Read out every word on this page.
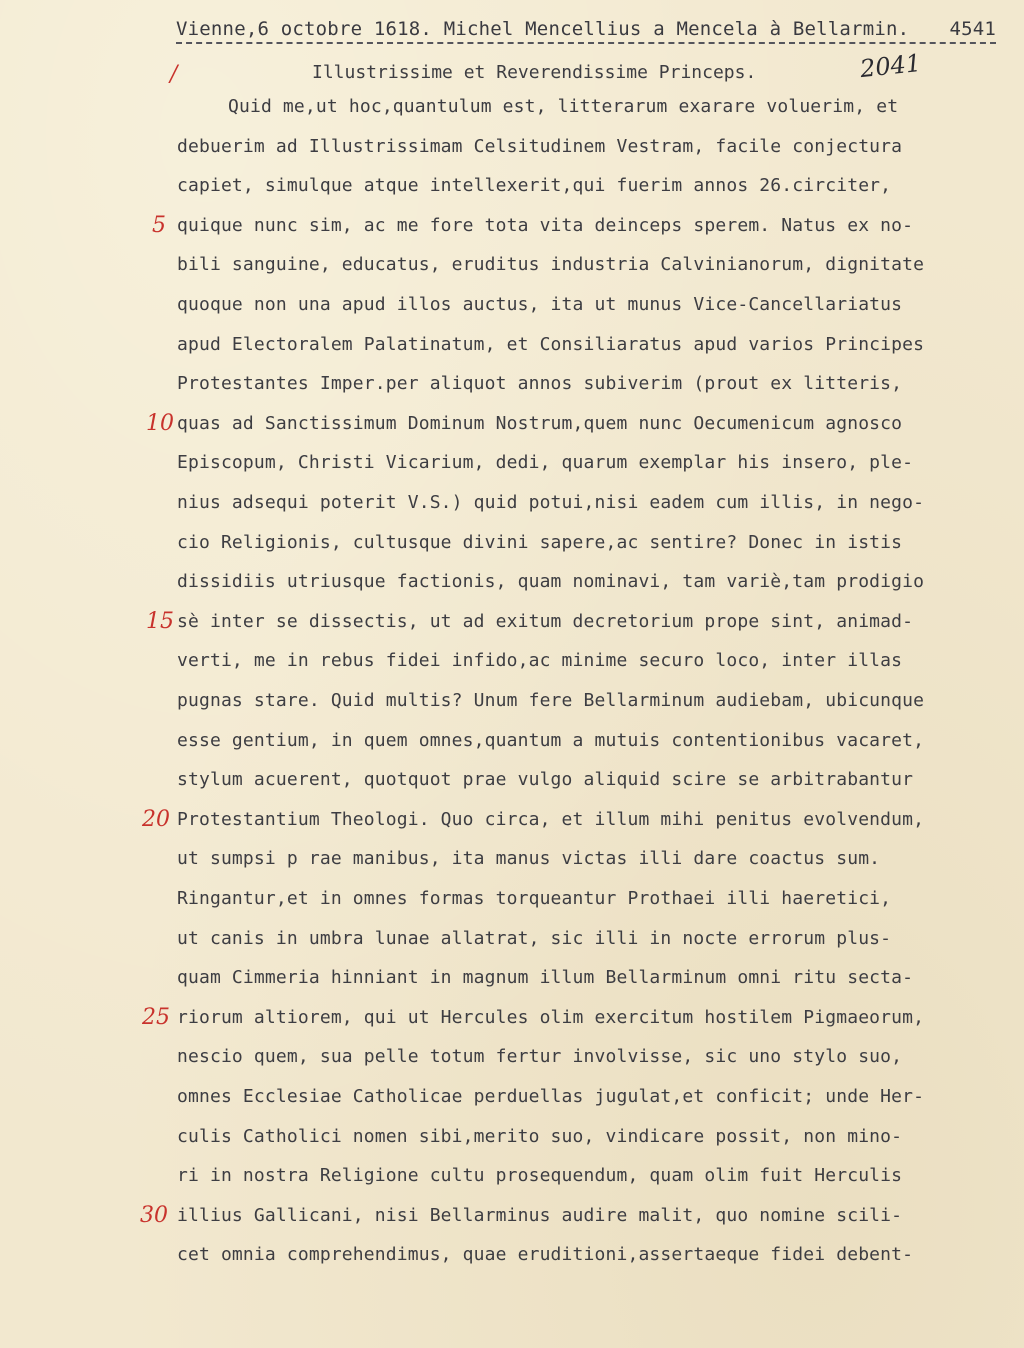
Vienne,6 octobre 1618. Michel Mencellius a Mencela à Bellarmin. 4541
/	Illustrissime et Reverendissime Princeps.	2041
Quid me,ut hoc,quantulum est, litterarum exarare voluerim, et
debuerim ad Illustrissimam Celsitudinem Vestram, facile conjectura
capiet, simulque atque intellexerit,qui fuerim annos 26.circiter,
quique nunc sim, ac me fore tota vita deinceps sperem. Natus ex no-
bili sanguine, educatus, eruditus industria Calvinianorum, dignitate
quoque non una apud illos auctus, ita ut munus Vice-Cancellariatus
apud Electoralem Palatinatum, et Consiliaratus apud varios Principes
Protestantes Imper.per aliquot annos subiverim (prout ex litteris,
quas ad Sanctissimum Dominum Nostrum,quem nunc Oecumenicum agnosco
Episcopum, Christi Vicarium, dedi, quarum exemplar his insero, ple-
nius adsequi poterit V.S.) quid potui,nisi eadem cum illis, in nego-
cio Religionis, cultusque divini sapere,ac sentire? Donec in istis
dissidiis utriusque factionis, quam nominavi, tam variè,tam prodigio
sè inter se dissectis, ut ad exitum decretorium prope sint, animad-
verti, me in rebus fidei infido,ac minime securo loco, inter illas
pugnas stare. Quid multis? Unum fere Bellarminum audiebam, ubicunque
esse gentium, in quem omnes,quantum a mutuis contentionibus vacaret,
stylum acuerent, quotquot prae vulgo aliquid scire se arbitrabantur
Protestantium Theologi. Quo circa, et illum mihi penitus evolvendum,
ut sumpsi p rae manibus, ita manus victas illi dare coactus sum.
Ringantur,et in omnes formas torqueantur Prothaei illi haeretici,
ut canis in umbra lunae allatrat, sic illi in nocte errorum plus-
quam Cimmeria hinniant in magnum illum Bellarminum omni ritu secta-
riorum altiorem, qui ut Hercules olim exercitum hostilem Pigmaeorum,
nescio quem, sua pelle totum fertur involvisse, sic uno stylo suo,
omnes Ecclesiae Catholicae perduellas jugulat,et conficit; unde Her-
culis Catholici nomen sibi,merito suo, vindicare possit, non mino-
ri in nostra Religione cultu prosequendum, quam olim fuit Herculis
illius Gallicani, nisi Bellarminus audire malit, quo nomine scili-
cet omnia comprehendimus, quae eruditioni,assertaeque fidei debent-
5
10
15
20
25
30
